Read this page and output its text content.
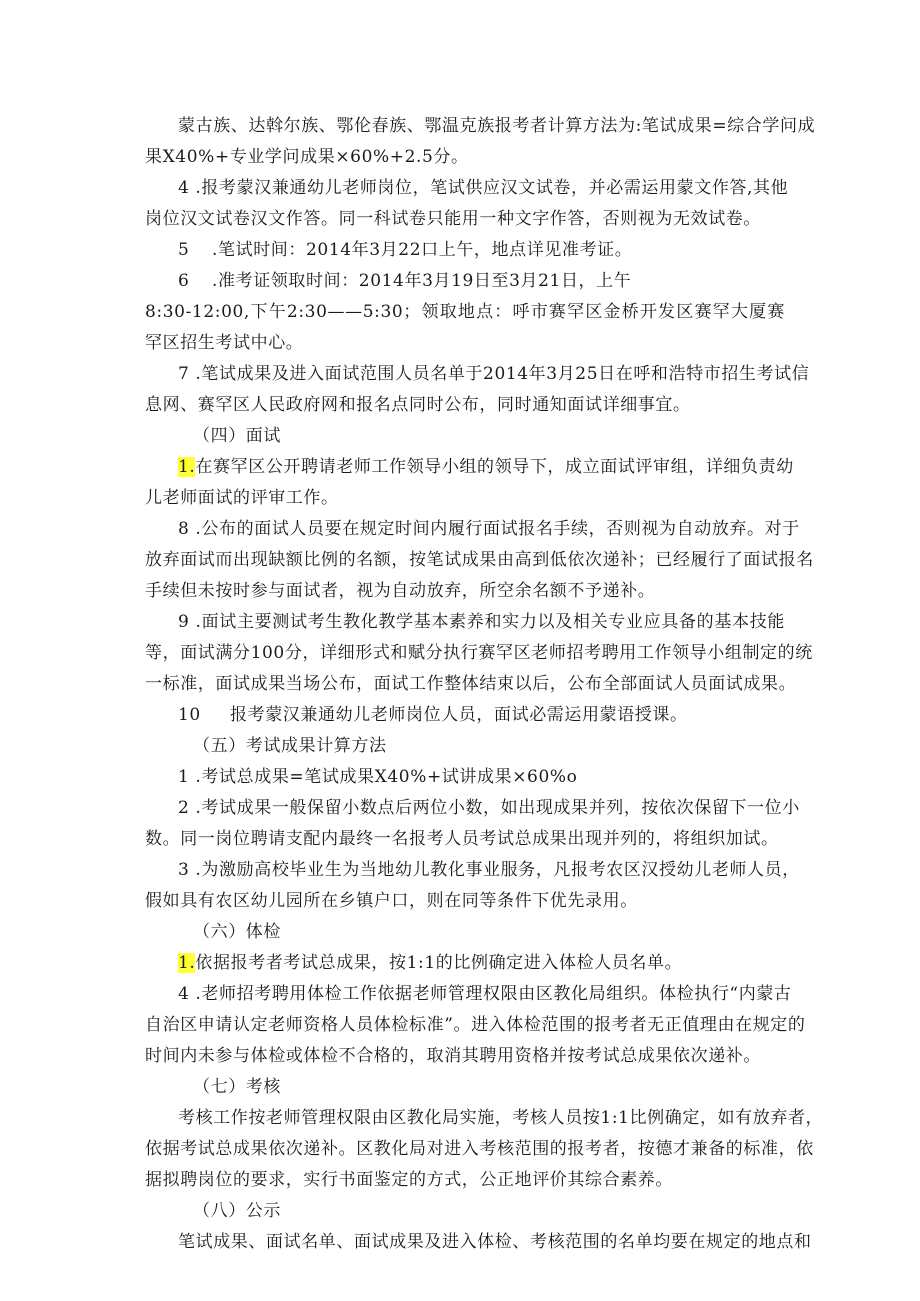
蒙古族、达斡尔族、鄂伦春族、鄂温克族报考者计算方法为:笔试成果=综合学问成
果X40%+专业学问成果×60%+2.5分。
4 .报考蒙汉兼通幼儿老师岗位，笔试供应汉文试卷，并必需运用蒙文作答,其他
岗位汉文试卷汉文作答。同一科试卷只能用一种文字作答，否则视为无效试卷。
5 .笔试时间：2014年3月22口上午，地点详见准考证。
6 .准考证领取时间：2014年3月19日至3月21日，上午
8:30-12:00,下午2:30——5:30；领取地点：呼市赛罕区金桥开发区赛罕大厦赛
罕区招生考试中心。
7 .笔试成果及进入面试范围人员名单于2014年3月25日在呼和浩特市招生考试信
息网、赛罕区人民政府网和报名点同时公布，同时通知面试详细事宜。
（四）面试
1.在赛罕区公开聘请老师工作领导小组的领导下，成立面试评审组，详细负责幼
儿老师面试的评审工作。
8 .公布的面试人员要在规定时间内履行面试报名手续，否则视为自动放弃。对于
放弃面试而出现缺额比例的名额，按笔试成果由高到低依次递补；已经履行了面试报名
手续但未按时参与面试者，视为自动放弃，所空余名额不予递补。
9 .面试主要测试考生教化教学基本素养和实力以及相关专业应具备的基本技能
等，面试满分100分，详细形式和赋分执行赛罕区老师招考聘用工作领导小组制定的统
一标准，面试成果当场公布，面试工作整体结束以后，公布全部面试人员面试成果。
10 报考蒙汉兼通幼儿老师岗位人员，面试必需运用蒙语授课。
（五）考试成果计算方法
1 .考试总成果=笔试成果X40%+试讲成果×60%o
2 .考试成果一般保留小数点后两位小数，如出现成果并列，按依次保留下一位小
数。同一岗位聘请支配内最终一名报考人员考试总成果出现并列的，将组织加试。
3 .为激励高校毕业生为当地幼儿教化事业服务，凡报考农区汉授幼儿老师人员，
假如具有农区幼儿园所在乡镇户口，则在同等条件下优先录用。
（六）体检
1.依据报考者考试总成果，按1:1的比例确定进入体检人员名单。
4 .老师招考聘用体检工作依据老师管理权限由区教化局组织。体检执行“内蒙古
自治区申请认定老师资格人员体检标准”。进入体检范围的报考者无正值理由在规定的
时间内未参与体检或体检不合格的，取消其聘用资格并按考试总成果依次递补。
（七）考核
考核工作按老师管理权限由区教化局实施，考核人员按1:1比例确定，如有放弃者，
依据考试总成果依次递补。区教化局对进入考核范围的报考者，按德才兼备的标准，依
据拟聘岗位的要求，实行书面鉴定的方式，公正地评价其综合素养。
（八）公示
笔试成果、面试名单、面试成果及进入体检、考核范围的名单均要在规定的地点和
